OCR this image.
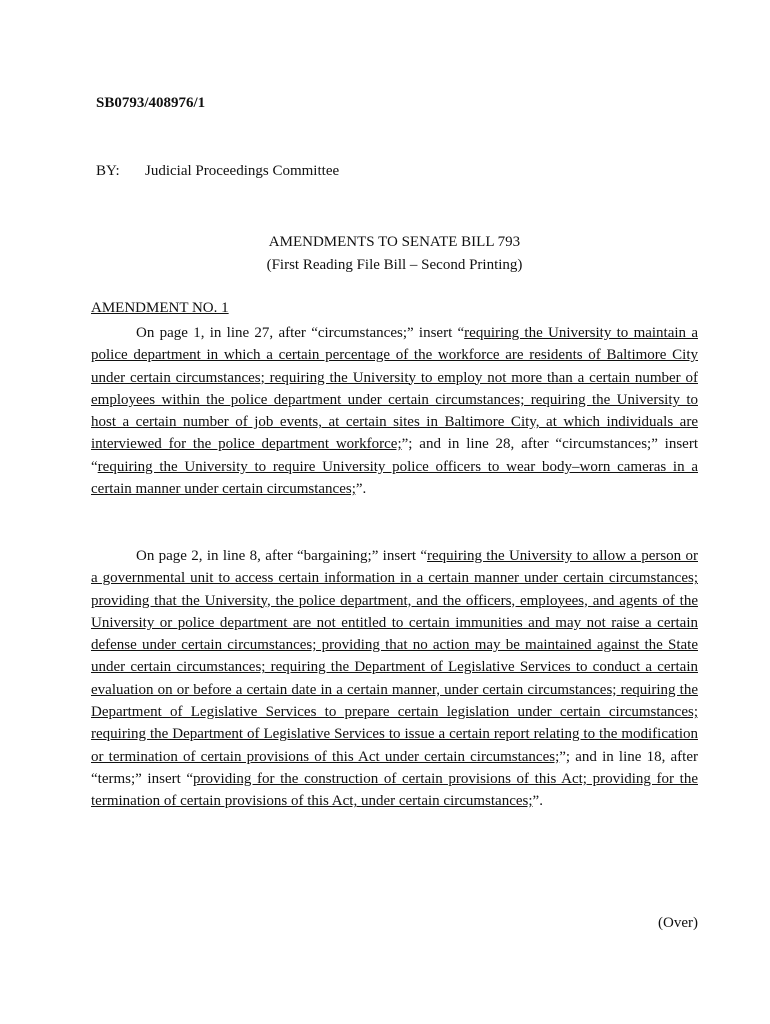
SB0793/408976/1

BY: Judicial Proceedings Committee

AMENDMENTS TO SENATE BILL 793

(First Reading File Bill – Second Printing)

AMENDMENT NO. 1

On page 1, in line 27, after “circumstances;” insert “requiring the University to maintain a police department in which a certain percentage of the workforce are residents of Baltimore City under certain circumstances; requiring the University to employ not more than a certain number of employees within the police department under certain circumstances; requiring the University to host a certain number of job events, at certain sites in Baltimore City, at which individuals are interviewed for the police department workforce;”; and in line 28, after “circumstances;” insert “requiring the University to require University police officers to wear body–worn cameras in a certain manner under certain circumstances;”.

On page 2, in line 8, after “bargaining;” insert “requiring the University to allow a person or a governmental unit to access certain information in a certain manner under certain circumstances; providing that the University, the police department, and the officers, employees, and agents of the University or police department are not entitled to certain immunities and may not raise a certain defense under certain circumstances; providing that no action may be maintained against the State under certain circumstances; requiring the Department of Legislative Services to conduct a certain evaluation on or before a certain date in a certain manner, under certain circumstances; requiring the Department of Legislative Services to prepare certain legislation under certain circumstances; requiring the Department of Legislative Services to issue a certain report relating to the modification or termination of certain provisions of this Act under certain circumstances;”; and in line 18, after “terms;” insert “providing for the construction of certain provisions of this Act; providing for the termination of certain provisions of this Act, under certain circumstances;”.

(Over)
